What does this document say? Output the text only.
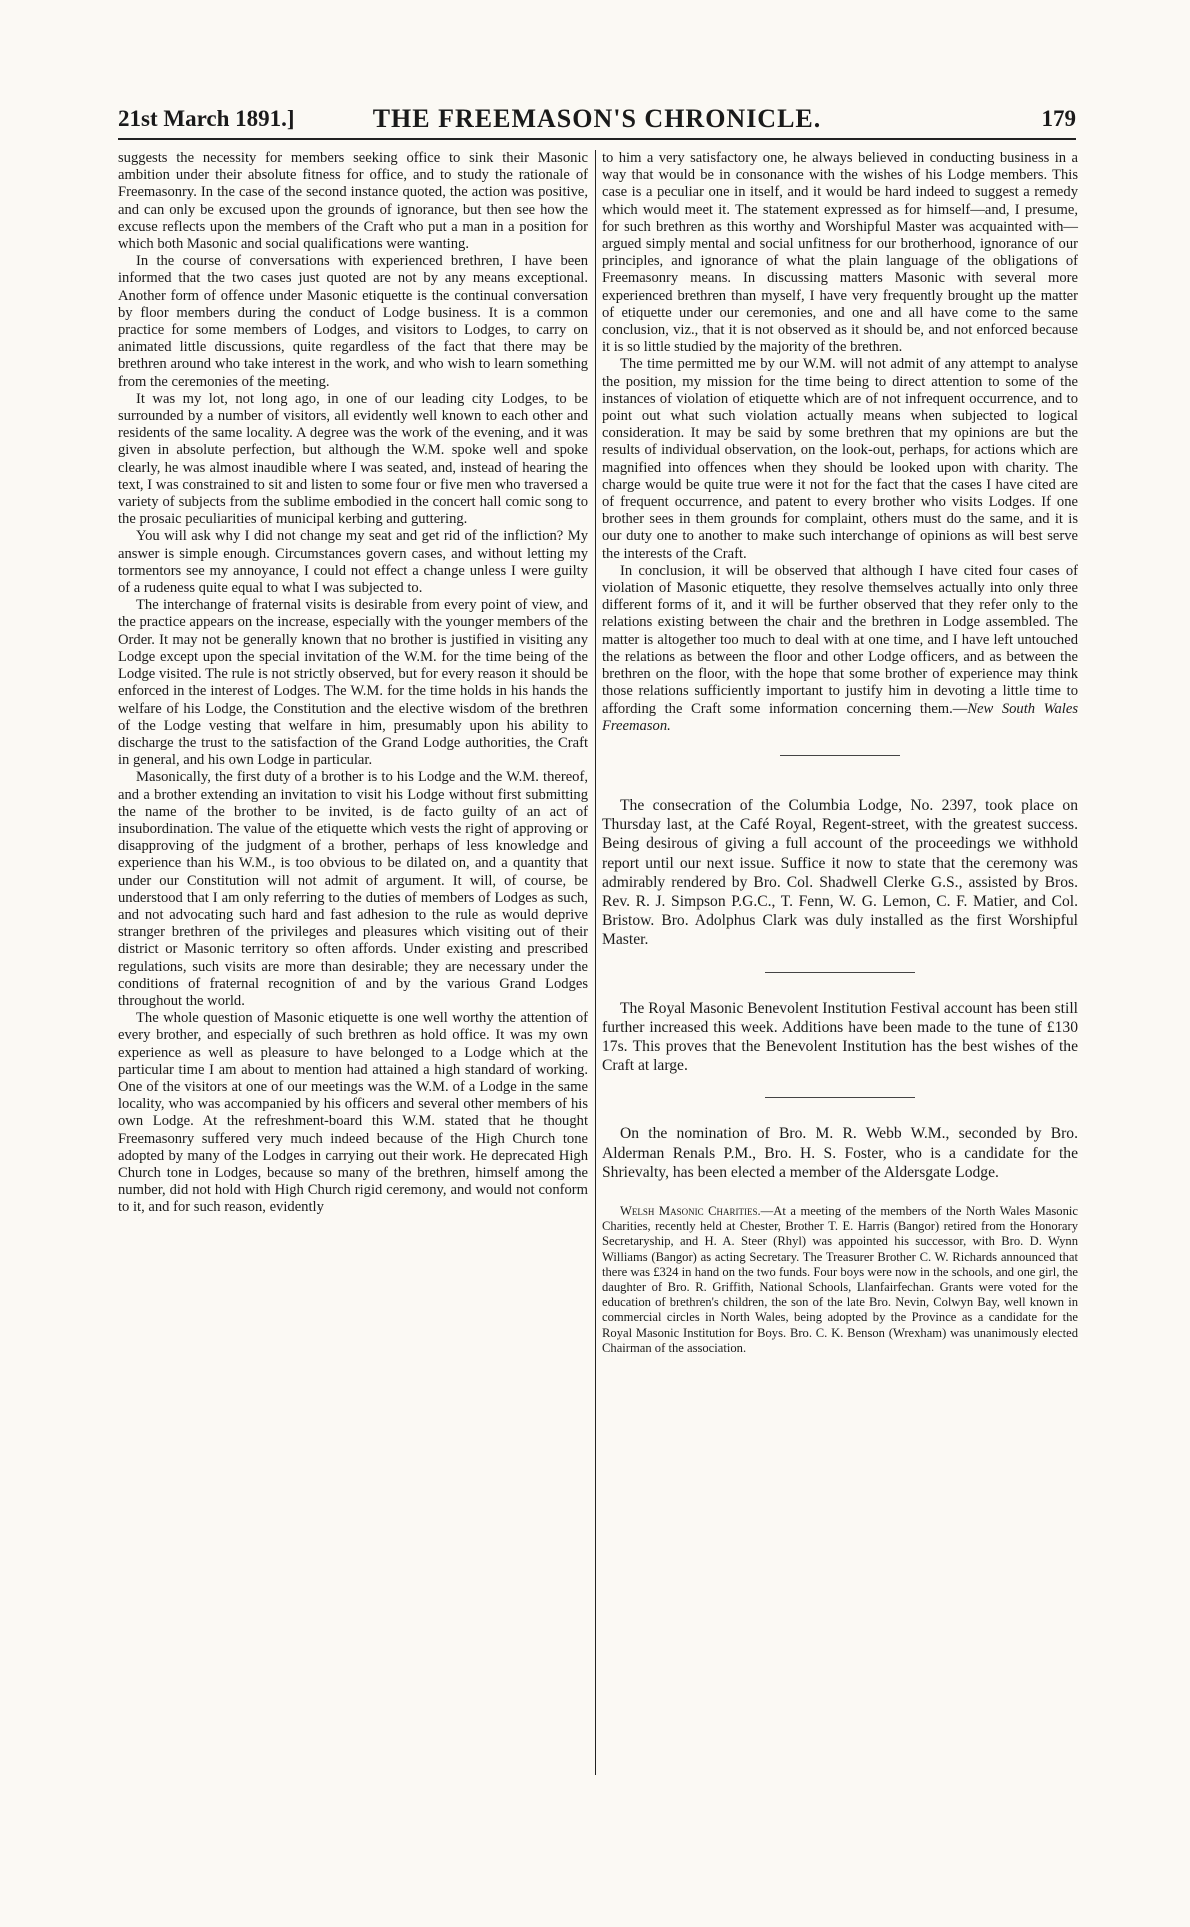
21st March 1891.]	THE FREEMASON'S CHRONICLE.	179

suggests the necessity for members seeking office to sink their Masonic ambition under their absolute fitness for office, and to study the rationale of Freemasonry. In the case of the second instance quoted, the action was positive, and can only be excused upon the grounds of ignorance, but then see how the excuse reflects upon the members of the Craft who put a man in a position for which both Masonic and social qualifications were wanting.

In the course of conversations with experienced brethren, I have been informed that the two cases just quoted are not by any means exceptional. Another form of offence under Masonic etiquette is the continual conversation by floor members during the conduct of Lodge business. It is a common practice for some members of Lodges, and visitors to Lodges, to carry on animated little discussions, quite regardless of the fact that there may be brethren around who take interest in the work, and who wish to learn something from the ceremonies of the meeting.

It was my lot, not long ago, in one of our leading city Lodges, to be surrounded by a number of visitors, all evidently well known to each other and residents of the same locality. A degree was the work of the evening, and it was given in absolute perfection, but although the W.M. spoke well and spoke clearly, he was almost inaudible where I was seated, and, instead of hearing the text, I was constrained to sit and listen to some four or five men who traversed a variety of subjects from the sublime embodied in the concert hall comic song to the prosaic peculiarities of municipal kerbing and guttering.

You will ask why I did not change my seat and get rid of the infliction? My answer is simple enough. Circumstances govern cases, and without letting my tormentors see my annoyance, I could not effect a change unless I were guilty of a rudeness quite equal to what I was subjected to.

The interchange of fraternal visits is desirable from every point of view, and the practice appears on the increase, especially with the younger members of the Order. It may not be generally known that no brother is justified in visiting any Lodge except upon the special invitation of the W.M. for the time being of the Lodge visited. The rule is not strictly observed, but for every reason it should be enforced in the interest of Lodges. The W.M. for the time holds in his hands the welfare of his Lodge, the Constitution and the elective wisdom of the brethren of the Lodge vesting that welfare in him, presumably upon his ability to discharge the trust to the satisfaction of the Grand Lodge authorities, the Craft in general, and his own Lodge in particular.

Masonically, the first duty of a brother is to his Lodge and the W.M. thereof, and a brother extending an invitation to visit his Lodge without first submitting the name of the brother to be invited, is de facto guilty of an act of insubordination. The value of the etiquette which vests the right of approving or disapproving of the judgment of a brother, perhaps of less knowledge and experience than his W.M., is too obvious to be dilated on, and a quantity that under our Constitution will not admit of argument. It will, of course, be understood that I am only referring to the duties of members of Lodges as such, and not advocating such hard and fast adhesion to the rule as would deprive stranger brethren of the privileges and pleasures which visiting out of their district or Masonic territory so often affords. Under existing and prescribed regulations, such visits are more than desirable; they are necessary under the conditions of fraternal recognition of and by the various Grand Lodges throughout the world.

The whole question of Masonic etiquette is one well worthy the attention of every brother, and especially of such brethren as hold office. It was my own experience as well as pleasure to have belonged to a Lodge which at the particular time I am about to mention had attained a high standard of working. One of the visitors at one of our meetings was the W.M. of a Lodge in the same locality, who was accompanied by his officers and several other members of his own Lodge. At the refreshment-board this W.M. stated that he thought Freemasonry suffered very much indeed because of the High Church tone adopted by many of the Lodges in carrying out their work. He deprecated High Church tone in Lodges, because so many of the brethren, himself among the number, did not hold with High Church rigid ceremony, and would not conform to it, and for such reason, evidently

to him a very satisfactory one, he always believed in conducting business in a way that would be in consonance with the wishes of his Lodge members. This case is a peculiar one in itself, and it would be hard indeed to suggest a remedy which would meet it. The statement expressed as for himself—and, I presume, for such brethren as this worthy and Worshipful Master was acquainted with—argued simply mental and social unfitness for our brotherhood, ignorance of our principles, and ignorance of what the plain language of the obligations of Freemasonry means. In discussing matters Masonic with several more experienced brethren than myself, I have very frequently brought up the matter of etiquette under our ceremonies, and one and all have come to the same conclusion, viz., that it is not observed as it should be, and not enforced because it is so little studied by the majority of the brethren.

The time permitted me by our W.M. will not admit of any attempt to analyse the position, my mission for the time being to direct attention to some of the instances of violation of etiquette which are of not infrequent occurrence, and to point out what such violation actually means when subjected to logical consideration. It may be said by some brethren that my opinions are but the results of individual observation, on the look-out, perhaps, for actions which are magnified into offences when they should be looked upon with charity. The charge would be quite true were it not for the fact that the cases I have cited are of frequent occurrence, and patent to every brother who visits Lodges. If one brother sees in them grounds for complaint, others must do the same, and it is our duty one to another to make such interchange of opinions as will best serve the interests of the Craft.

In conclusion, it will be observed that although I have cited four cases of violation of Masonic etiquette, they resolve themselves actually into only three different forms of it, and it will be further observed that they refer only to the relations existing between the chair and the brethren in Lodge assembled. The matter is altogether too much to deal with at one time, and I have left untouched the relations as between the floor and other Lodge officers, and as between the brethren on the floor, with the hope that some brother of experience may think those relations sufficiently important to justify him in devoting a little time to affording the Craft some information concerning them.—New South Wales Freemason.

The consecration of the Columbia Lodge, No. 2397, took place on Thursday last, at the Café Royal, Regent-street, with the greatest success. Being desirous of giving a full account of the proceedings we withhold report until our next issue. Suffice it now to state that the ceremony was admirably rendered by Bro. Col. Shadwell Clerke G.S., assisted by Bros. Rev. R. J. Simpson P.G.C., T. Fenn, W. G. Lemon, C. F. Matier, and Col. Bristow. Bro. Adolphus Clark was duly installed as the first Worshipful Master.

The Royal Masonic Benevolent Institution Festival account has been still further increased this week. Additions have been made to the tune of £130 17s. This proves that the Benevolent Institution has the best wishes of the Craft at large.

On the nomination of Bro. M. R. Webb W.M., seconded by Bro. Alderman Renals P.M., Bro. H. S. Foster, who is a candidate for the Shrievalty, has been elected a member of the Aldersgate Lodge.

Welsh Masonic Charities.—At a meeting of the members of the North Wales Masonic Charities, recently held at Chester, Brother T. E. Harris (Bangor) retired from the Honorary Secretaryship, and H. A. Steer (Rhyl) was appointed his successor, with Bro. D. Wynn Williams (Bangor) as acting Secretary. The Treasurer Brother C. W. Richards announced that there was £324 in hand on the two funds. Four boys were now in the schools, and one girl, the daughter of Bro. R. Griffith, National Schools, Llanfairfechan. Grants were voted for the education of brethren's children, the son of the late Bro. Nevin, Colwyn Bay, well known in commercial circles in North Wales, being adopted by the Province as a candidate for the Royal Masonic Institution for Boys. Bro. C. K. Benson (Wrexham) was unanimously elected Chairman of the association.
